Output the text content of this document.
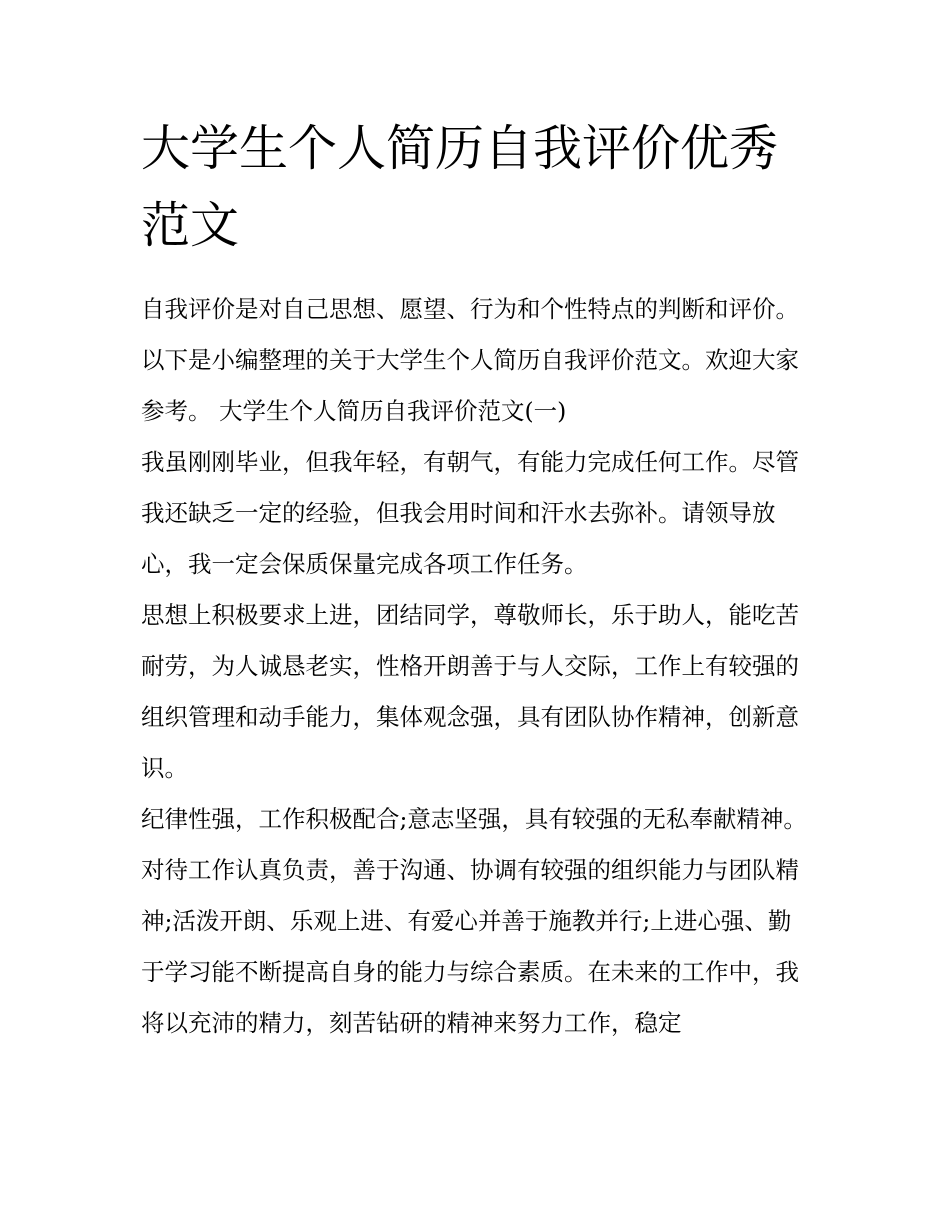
大学生个人简历自我评价优秀范文

自我评价是对自己思想、愿望、行为和个性特点的判断和评价。以下是小编整理的关于大学生个人简历自我评价范文。欢迎大家参考。 大学生个人简历自我评价范文(一)

我虽刚刚毕业，但我年轻，有朝气，有能力完成任何工作。尽管我还缺乏一定的经验，但我会用时间和汗水去弥补。请领导放心，我一定会保质保量完成各项工作任务。

思想上积极要求上进，团结同学，尊敬师长，乐于助人，能吃苦耐劳，为人诚恳老实，性格开朗善于与人交际，工作上有较强的组织管理和动手能力，集体观念强，具有团队协作精神，创新意识。

纪律性强，工作积极配合;意志坚强，具有较强的无私奉献精神。

对待工作认真负责，善于沟通、协调有较强的组织能力与团队精神;活泼开朗、乐观上进、有爱心并善于施教并行;上进心强、勤于学习能不断提高自身的能力与综合素质。在未来的工作中，我将以充沛的精力，刻苦钻研的精神来努力工作，稳定
